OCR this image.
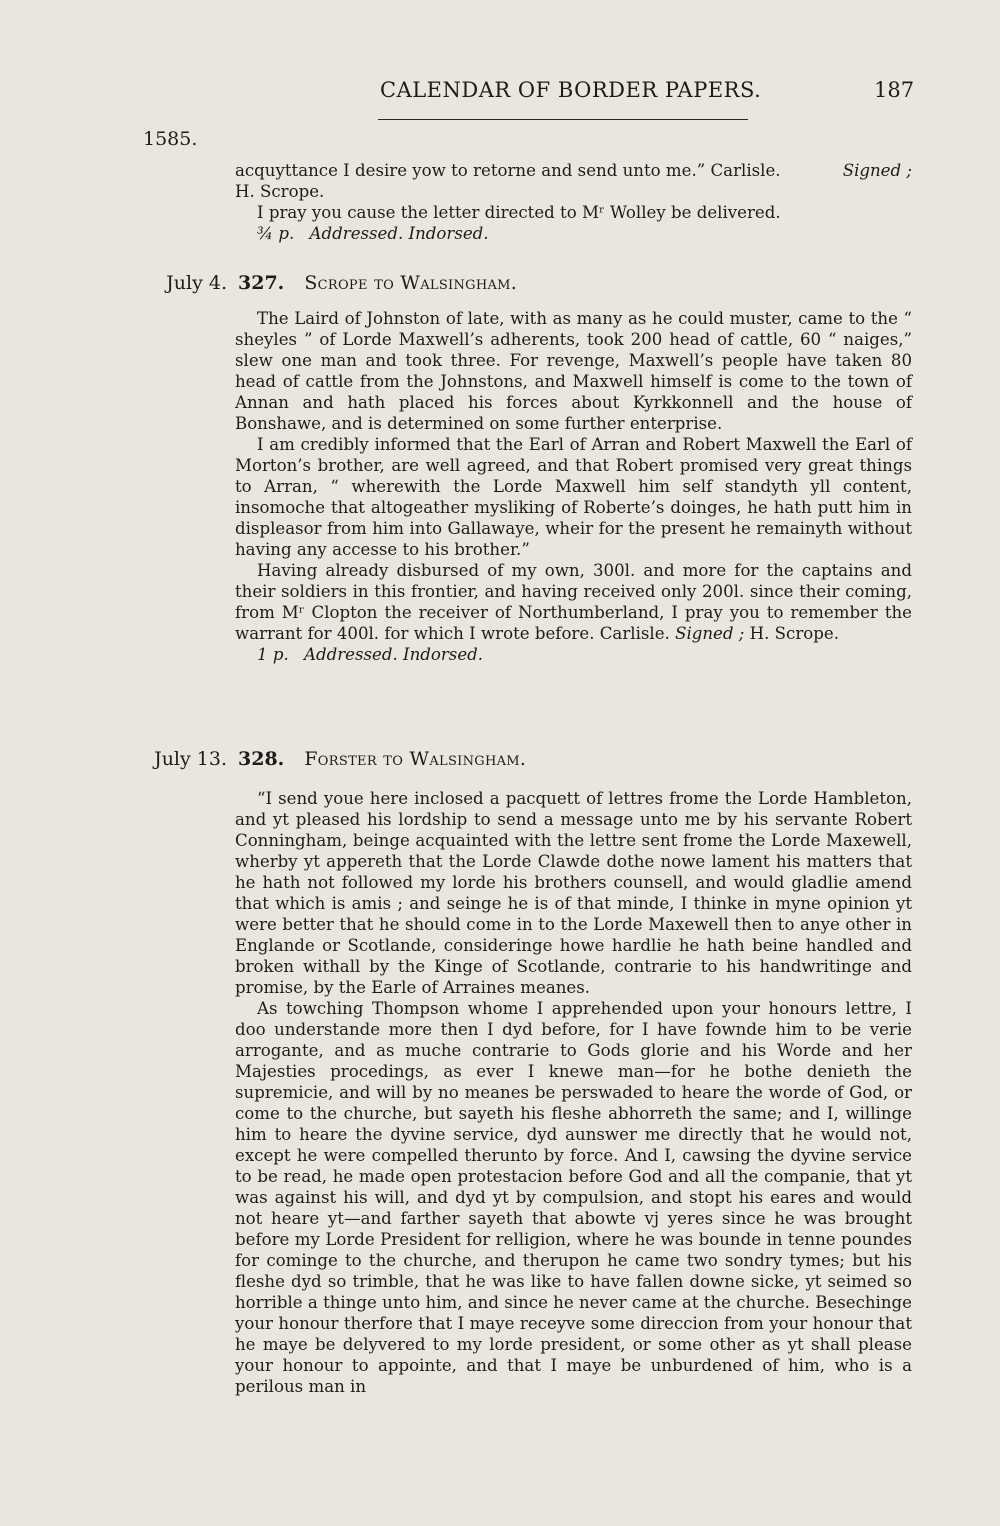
CALENDAR OF BORDER PAPERS.	187
1585.

acquyttance I desire yow to retorne and send unto me.” Carlisle.	Signed ;

H. Scrope.

I pray you cause the letter directed to Mʳ Wolley be delivered.

¾ p. Addressed. Indorsed.

July 4. 327. Scrope to Walsingham.

The Laird of Johnston of late, with as many as he could muster, came to the “ sheyles ” of Lorde Maxwell’s adherents, took 200 head of cattle, 60 “ naiges,” slew one man and took three. For revenge, Maxwell’s people have taken 80 head of cattle from the Johnstons, and Maxwell himself is come to the town of Annan and hath placed his forces about Kyrkkonnell and the house of Bonshawe, and is determined on some further enterprise.

I am credibly informed that the Earl of Arran and Robert Maxwell the Earl of Morton’s brother, are well agreed, and that Robert promised very great things to Arran, “ wherewith the Lorde Maxwell him self standyth yll content, insomoche that altogeather mysliking of Roberte’s doinges, he hath putt him in displeasor from him into Gallawaye, wheir for the present he remainyth without having any accesse to his brother.”

Having already disbursed of my own, 300l. and more for the captains and their soldiers in this frontier, and having received only 200l. since their coming, from Mʳ Clopton the receiver of Northumberland, I pray you to remember the warrant for 400l. for which I wrote before. Carlisle. Signed ; H. Scrope.

1 p. Addressed. Indorsed.

July 13. 328. Forster to Walsingham.

“I send youe here inclosed a pacquett of lettres frome the Lorde Hambleton, and yt pleased his lordship to send a message unto me by his servante Robert Conningham, beinge acquainted with the lettre sent frome the Lorde Maxewell, wherby yt appereth that the Lorde Clawde dothe nowe lament his matters that he hath not followed my lorde his brothers counsell, and would gladlie amend that which is amis ; and seinge he is of that minde, I thinke in myne opinion yt were better that he should come in to the Lorde Maxewell then to anye other in Englande or Scotlande, consideringe howe hardlie he hath beine handled and broken withall by the Kinge of Scotlande, contrarie to his handwritinge and promise, by the Earle of Arraines meanes.

As towching Thompson whome I apprehended upon your honours lettre, I doo understande more then I dyd before, for I have fownde him to be verie arrogante, and as muche contrarie to Gods glorie and his Worde and her Majesties procedings, as ever I knewe man—for he bothe denieth the supremicie, and will by no meanes be perswaded to heare the worde of God, or come to the churche, but sayeth his fleshe abhorreth the same; and I, willinge him to heare the dyvine service, dyd aunswer me directly that he would not, except he were compelled therunto by force. And I, cawsing the dyvine service to be read, he made open protestacion before God and all the companie, that yt was against his will, and dyd yt by compulsion, and stopt his eares and would not heare yt—and farther sayeth that abowte vj yeres since he was brought before my Lorde President for relligion, where he was bounde in tenne poundes for cominge to the churche, and therupon he came two sondry tymes; but his fleshe dyd so trimble, that he was like to have fallen downe sicke, yt seimed so horrible a thinge unto him, and since he never came at the churche. Besechinge your honour therfore that I maye receyve some direccion from your honour that he maye be delyvered to my lorde president, or some other as yt shall please your honour to appointe, and that I maye be unburdened of him, who is a perilous man in
